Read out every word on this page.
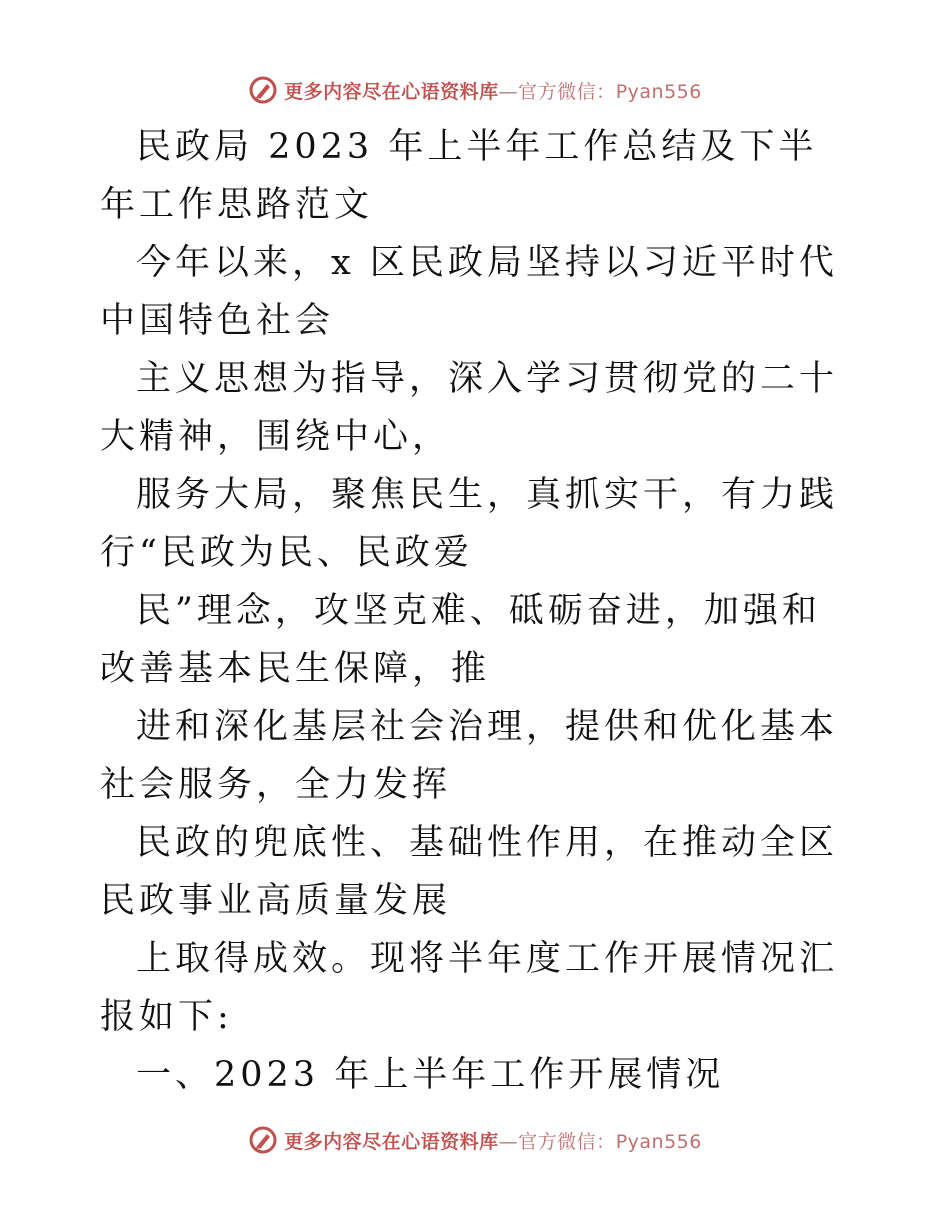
更多内容尽在心语资料库—官方微信：Pyan556

民政局 2023 年上半年工作总结及下半年工作思路范文

今年以来，x 区民政局坚持以习近平时代中国特色社会

主义思想为指导，深入学习贯彻党的二十大精神，围绕中心，

服务大局，聚焦民生，真抓实干，有力践行“民政为民、民政爱

民”理念，攻坚克难、砥砺奋进，加强和改善基本民生保障，推

进和深化基层社会治理，提供和优化基本社会服务，全力发挥

民政的兜底性、基础性作用，在推动全区民政事业高质量发展

上取得成效。现将半年度工作开展情况汇报如下:

一、2023 年上半年工作开展情况

更多内容尽在心语资料库—官方微信：Pyan556
